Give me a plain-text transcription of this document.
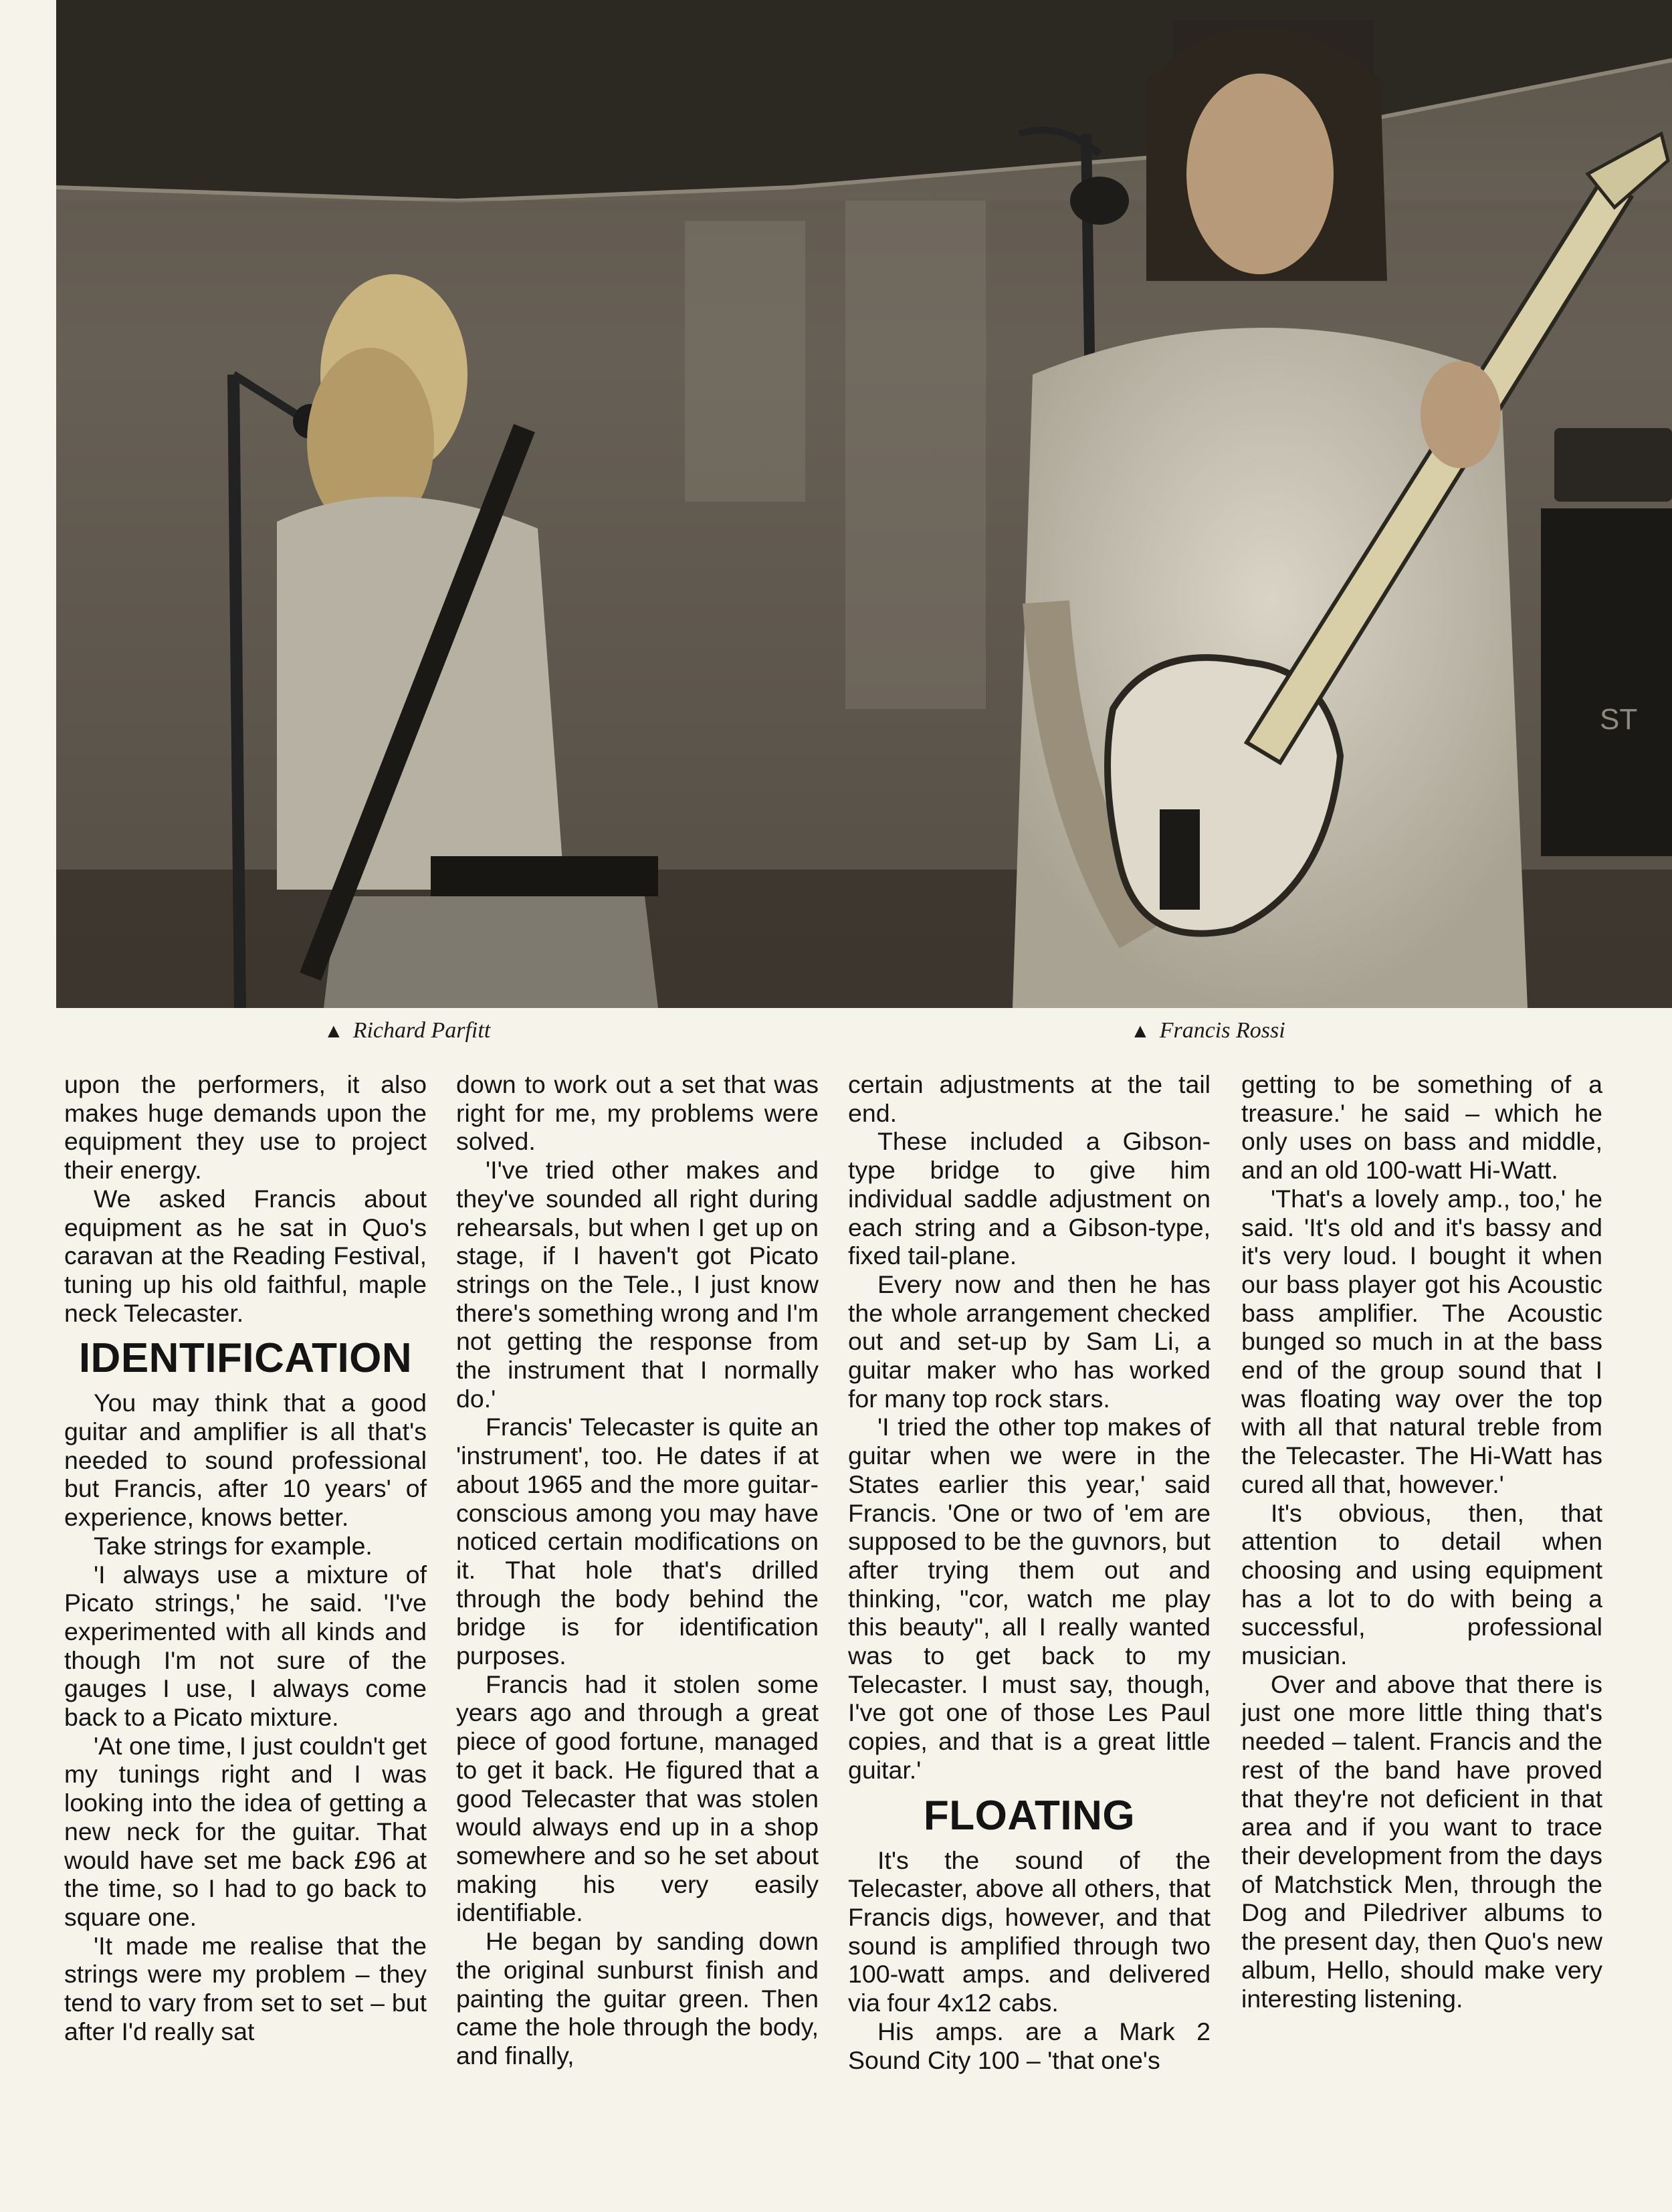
ST
▲ Richard Parfitt	▲ Francis Rossi

upon the performers, it also makes huge demands upon the equipment they use to project their energy.

We asked Francis about equipment as he sat in Quo's caravan at the Reading Festival, tuning up his old faithful, maple neck Telecaster.

IDENTIFICATION

You may think that a good guitar and amplifier is all that's needed to sound professional but Francis, after 10 years' of experience, knows better.

Take strings for example.

'I always use a mixture of Picato strings,' he said. 'I've experimented with all kinds and though I'm not sure of the gauges I use, I always come back to a Picato mixture.

'At one time, I just couldn't get my tunings right and I was looking into the idea of getting a new neck for the guitar. That would have set me back £96 at the time, so I had to go back to square one.

'It made me realise that the strings were my problem – they tend to vary from set to set – but after I'd really sat

down to work out a set that was right for me, my problems were solved.

'I've tried other makes and they've sounded all right during rehearsals, but when I get up on stage, if I haven't got Picato strings on the Tele., I just know there's something wrong and I'm not getting the response from the instrument that I normally do.'

Francis' Telecaster is quite an 'instrument', too. He dates if at about 1965 and the more guitar-conscious among you may have noticed certain modifications on it. That hole that's drilled through the body behind the bridge is for identification purposes.

Francis had it stolen some years ago and through a great piece of good fortune, managed to get it back. He figured that a good Telecaster that was stolen would always end up in a shop somewhere and so he set about making his very easily identifiable.

He began by sanding down the original sunburst finish and painting the guitar green. Then came the hole through the body, and finally,

certain adjustments at the tail end.

These included a Gibson-type bridge to give him individual saddle adjustment on each string and a Gibson-type, fixed tail-plane.

Every now and then he has the whole arrangement checked out and set-up by Sam Li, a guitar maker who has worked for many top rock stars.

'I tried the other top makes of guitar when we were in the States earlier this year,' said Francis. 'One or two of 'em are supposed to be the guvnors, but after trying them out and thinking, "cor, watch me play this beauty", all I really wanted was to get back to my Telecaster. I must say, though, I've got one of those Les Paul copies, and that is a great little guitar.'

FLOATING

It's the sound of the Telecaster, above all others, that Francis digs, however, and that sound is amplified through two 100-watt amps. and delivered via four 4x12 cabs.

His amps. are a Mark 2 Sound City 100 – 'that one's

getting to be something of a treasure.' he said – which he only uses on bass and middle, and an old 100-watt Hi-Watt.

'That's a lovely amp., too,' he said. 'It's old and it's bassy and it's very loud. I bought it when our bass player got his Acoustic bass amplifier. The Acoustic bunged so much in at the bass end of the group sound that I was floating way over the top with all that natural treble from the Telecaster. The Hi-Watt has cured all that, however.'

It's obvious, then, that attention to detail when choosing and using equipment has a lot to do with being a successful, professional musician.

Over and above that there is just one more little thing that's needed – talent. Francis and the rest of the band have proved that they're not deficient in that area and if you want to trace their development from the days of Matchstick Men, through the Dog and Piledriver albums to the present day, then Quo's new album, Hello, should make very interesting listening.
